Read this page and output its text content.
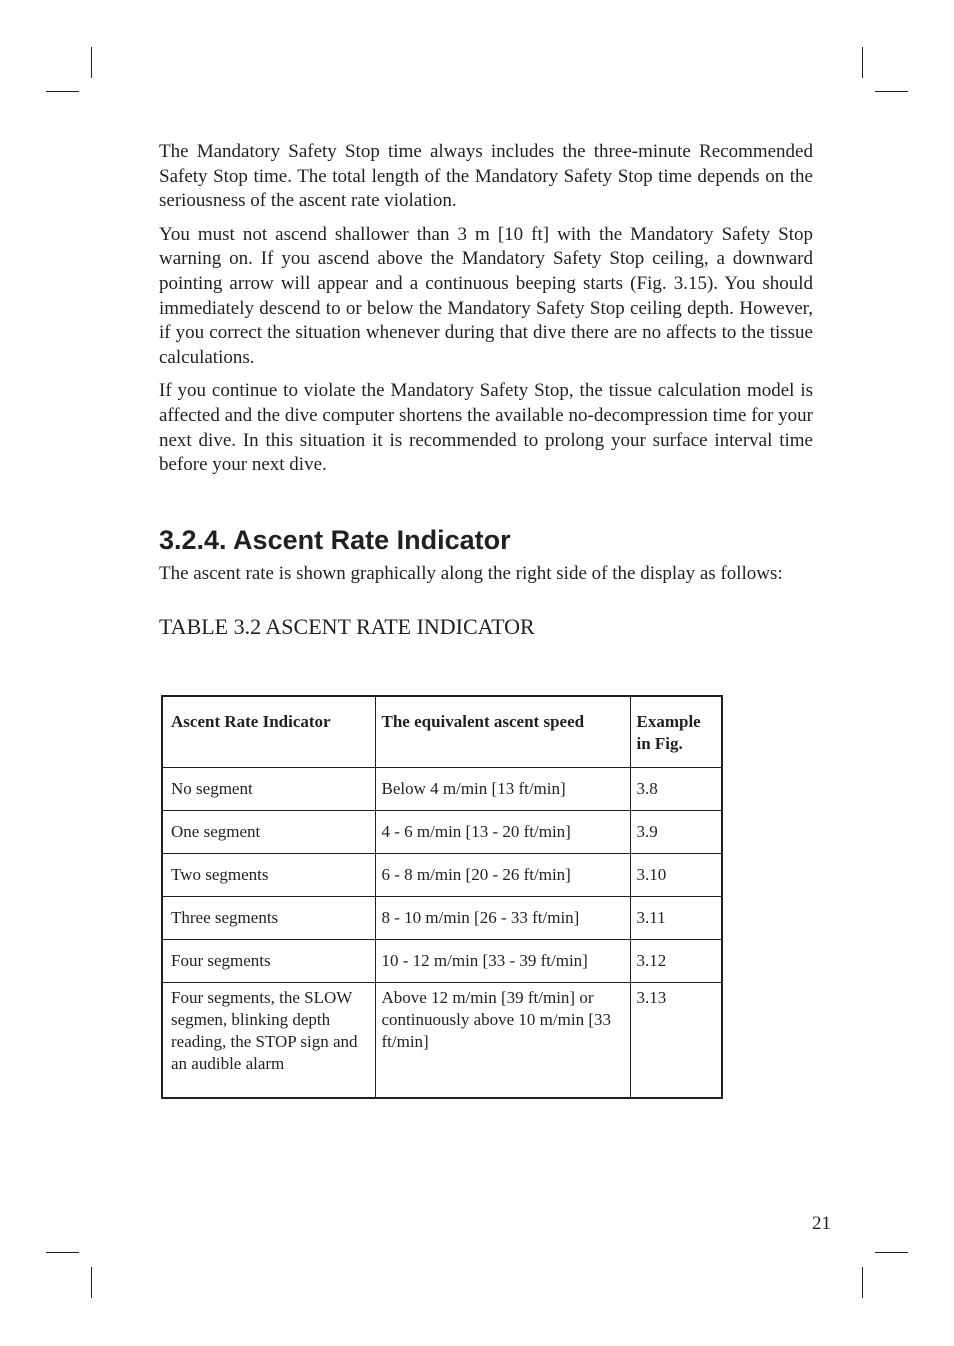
The Mandatory Safety Stop time always includes the three-minute Recommended Safety Stop time. The total length of the Mandatory Safety Stop time depends on the seriousness of the ascent rate violation.

You must not ascend shallower than 3 m [10 ft] with the Mandatory Safety Stop warning on. If you ascend above the Mandatory Safety Stop ceiling, a downward pointing arrow will appear and a continuous beeping starts (Fig. 3.15). You should immediately descend to or below the Mandatory Safety Stop ceiling depth. However, if you correct the situation whenever during that dive there are no affects to the tissue calculations.

If you continue to violate the Mandatory Safety Stop, the tissue calculation model is affected and the dive computer shortens the available no-decompression time for your next dive. In this situation it is recommended to prolong your surface interval time before your next dive.

3.2.4. Ascent Rate Indicator

The ascent rate is shown graphically along the right side of the display as follows:

TABLE 3.2 ASCENT RATE INDICATOR

Ascent Rate Indicator	The equivalent ascent speed	Example in Fig.
No segment	Below 4 m/min [13 ft/min]	3.8
One segment	4 - 6 m/min [13 - 20 ft/min]	3.9
Two segments	6 - 8 m/min [20 - 26 ft/min]	3.10
Three segments	8 - 10 m/min [26 - 33 ft/min]	3.11
Four segments	10 - 12 m/min [33 - 39 ft/min]	3.12
Four segments, the SLOW segmen, blinking depth reading, the STOP sign and an audible alarm	Above 12 m/min [39 ft/min] or continuously above 10 m/min [33 ft/min]	3.13
21
